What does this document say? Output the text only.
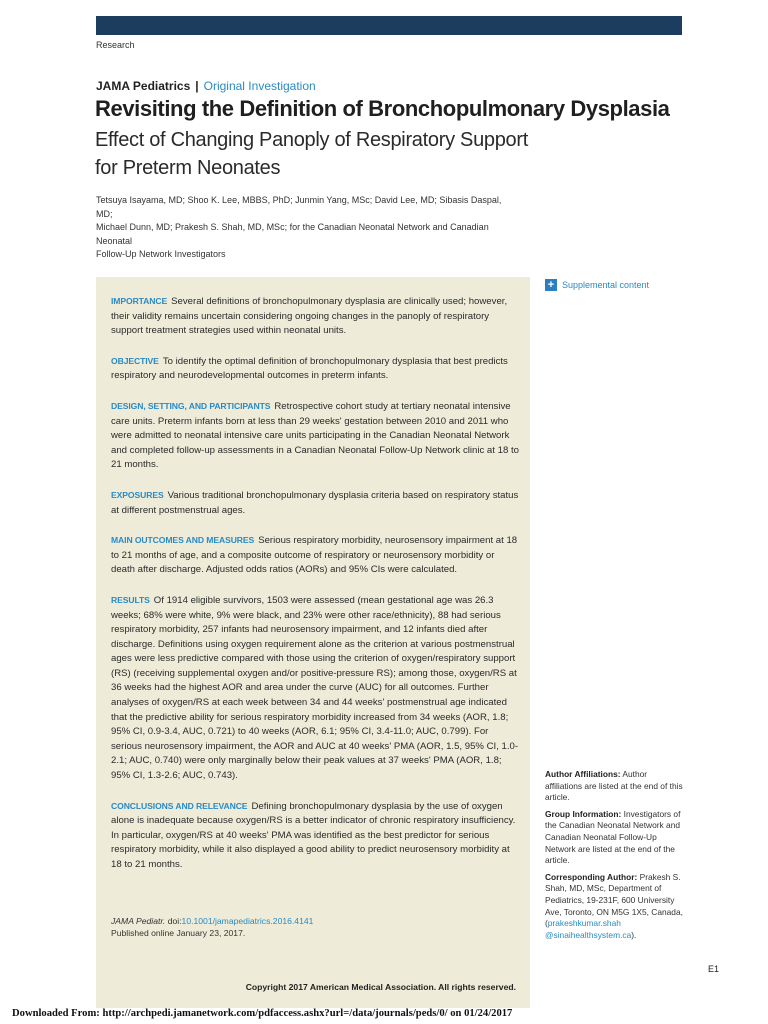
Research
JAMA Pediatrics | Original Investigation
Revisiting the Definition of Bronchopulmonary Dysplasia
Effect of Changing Panoply of Respiratory Support
for Preterm Neonates
Tetsuya Isayama, MD; Shoo K. Lee, MBBS, PhD; Junmin Yang, MSc; David Lee, MD; Sibasis Daspal, MD;
Michael Dunn, MD; Prakesh S. Shah, MD, MSc; for the Canadian Neonatal Network and Canadian Neonatal
Follow-Up Network Investigators
+ Supplemental content

IMPORTANCE Several definitions of bronchopulmonary dysplasia are clinically used; however, their validity remains uncertain considering ongoing changes in the panoply of respiratory support treatment strategies used within neonatal units.

OBJECTIVE To identify the optimal definition of bronchopulmonary dysplasia that best predicts respiratory and neurodevelopmental outcomes in preterm infants.

DESIGN, SETTING, AND PARTICIPANTS Retrospective cohort study at tertiary neonatal intensive care units. Preterm infants born at less than 29 weeks' gestation between 2010 and 2011 who were admitted to neonatal intensive care units participating in the Canadian Neonatal Network and completed follow-up assessments in a Canadian Neonatal Follow-Up Network clinic at 18 to 21 months.

EXPOSURES Various traditional bronchopulmonary dysplasia criteria based on respiratory status at different postmenstrual ages.

MAIN OUTCOMES AND MEASURES Serious respiratory morbidity, neurosensory impairment at 18 to 21 months of age, and a composite outcome of respiratory or neurosensory morbidity or death after discharge. Adjusted odds ratios (AORs) and 95% CIs were calculated.

RESULTS Of 1914 eligible survivors, 1503 were assessed (mean gestational age was 26.3 weeks; 68% were white, 9% were black, and 23% were other race/ethnicity), 88 had serious respiratory morbidity, 257 infants had neurosensory impairment, and 12 infants died after discharge. Definitions using oxygen requirement alone as the criterion at various postmenstrual ages were less predictive compared with those using the criterion of oxygen/respiratory support (RS) (receiving supplemental oxygen and/or positive-pressure RS); among those, oxygen/RS at 36 weeks had the highest AOR and area under the curve (AUC) for all outcomes. Further analyses of oxygen/RS at each week between 34 and 44 weeks' postmenstrual age indicated that the predictive ability for serious respiratory morbidity increased from 34 weeks (AOR, 1.8; 95% CI, 0.9-3.4, AUC, 0.721) to 40 weeks (AOR, 6.1; 95% CI, 3.4-11.0; AUC, 0.799). For serious neurosensory impairment, the AOR and AUC at 40 weeks' PMA (AOR, 1.5, 95% CI, 1.0-2.1; AUC, 0.740) were only marginally below their peak values at 37 weeks' PMA (AOR, 1.8; 95% CI, 1.3-2.6; AUC, 0.743).

CONCLUSIONS AND RELEVANCE Defining bronchopulmonary dysplasia by the use of oxygen alone is inadequate because oxygen/RS is a better indicator of chronic respiratory insufficiency. In particular, oxygen/RS at 40 weeks' PMA was identified as the best predictor for serious respiratory morbidity, while it also displayed a good ability to predict neurosensory morbidity at 18 to 21 months.

JAMA Pediatr. doi:10.1001/jamapediatrics.2016.4141
Published online January 23, 2017.
Copyright 2017 American Medical Association. All rights reserved.

Author Affiliations: Author affiliations are listed at the end of this article.

Group Information: Investigators of the Canadian Neonatal Network and Canadian Neonatal Follow-Up Network are listed at the end of the article.

Corresponding Author: Prakesh S. Shah, MD, MSc, Department of Pediatrics, 19-231F, 600 University Ave, Toronto, ON M5G 1X5, Canada, (prakeshkumar.shah @sinaihealthsystem.ca).

E1
Downloaded From: http://archpedi.jamanetwork.com/pdfaccess.ashx?url=/data/journals/peds/0/ on 01/24/2017
